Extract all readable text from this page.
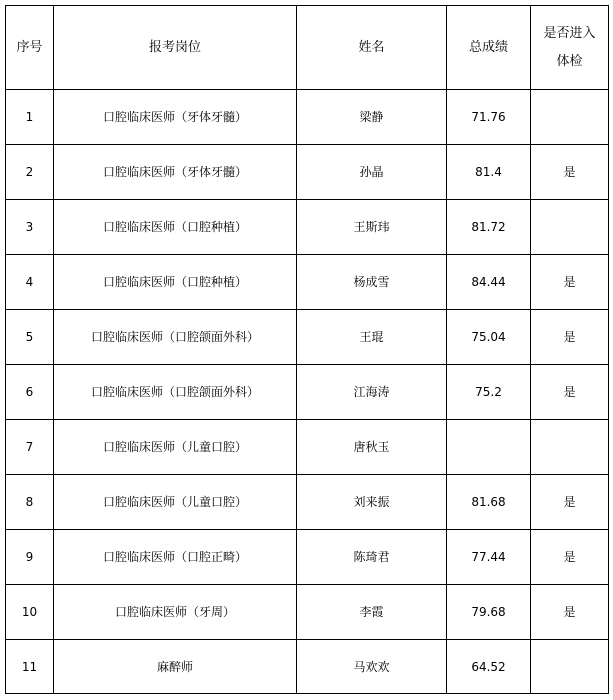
序号	报考岗位	姓名	总成绩	是否进入
体检

1	口腔临床医师（牙体牙髓）	梁静	71.76	
2	口腔临床医师（牙体牙髓）	孙晶	81.4	是
3	口腔临床医师（口腔种植）	王斯玮	81.72	
4	口腔临床医师（口腔种植）	杨成雪	84.44	是
5	口腔临床医师（口腔颌面外科）	王琨	75.04	是
6	口腔临床医师（口腔颌面外科）	江海涛	75.2	是
7	口腔临床医师（儿童口腔）	唐秋玉		
8	口腔临床医师（儿童口腔）	刘来振	81.68	是
9	口腔临床医师（口腔正畸）	陈琦君	77.44	是
10	口腔临床医师（牙周）	李霞	79.68	是
11	麻醉师	马欢欢	64.52	
